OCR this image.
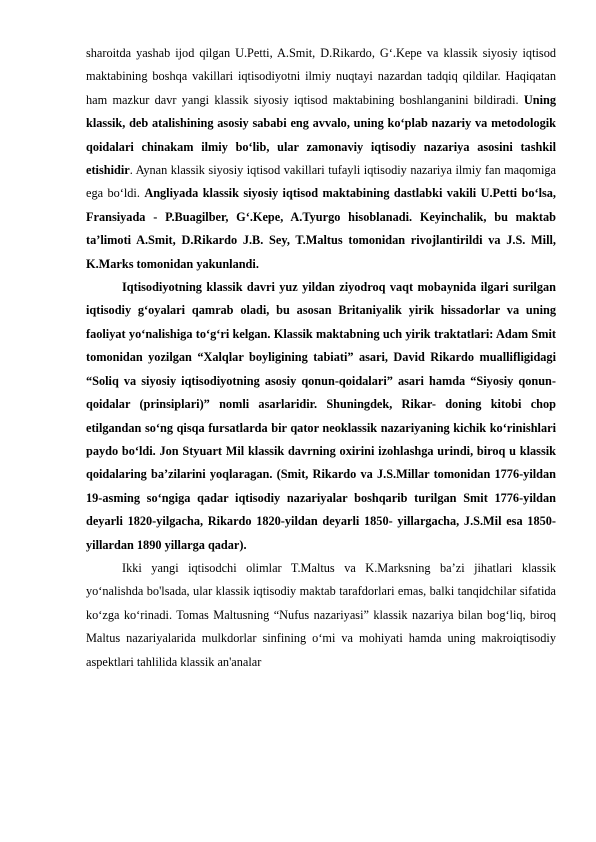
sharoitda yashab ijod qilgan U.Petti, A.Smit, D.Rikardo, G‘.Kepe va klassik siyosiy iqtisod maktabining boshqa vakillari iqtisodiyotni ilmiy nuqtayi nazardan tadqiq qildilar. Haqiqatan ham mazkur davr yangi klassik siyosiy iqtisod maktabining boshlanganini bildiradi. Uning klassik, deb atalishining asosiy sababi eng avvalo, uning ko‘plab nazariy va metodologik qoidalari chinakam ilmiy bo‘lib, ular zamonaviy iqtisodiy nazariya asosini tashkil etishidir. Aynan klassik siyosiy iqtisod vakillari tufayli iqtisodiy nazariya ilmiy fan maqomiga ega bo‘ldi. Angliyada klassik siyosiy iqtisod maktabining dastlabki vakili U.Petti bo‘lsa, Fransiyada - P.Buagilber, G‘.Kepe, A.Tyurgo hisoblanadi. Keyinchalik, bu maktab ta’limoti A.Smit, D.Rikardo J.B. Sey, T.Maltus tomonidan rivojlantirildi va J.S. Mill, K.Marks tomonidan yakunlandi.

Iqtisodiyotning klassik davri yuz yildan ziyodroq vaqt mobaynida ilgari surilgan iqtisodiy g‘oyalari qamrab oladi, bu asosan Britaniyalik yirik hissadorlar va uning faoliyat yo‘nalishiga to‘g‘ri kelgan. Klassik maktabning uch yirik traktatlari: Adam Smit tomonidan yozilgan “Xalqlar boyligining tabiati” asari, David Rikardo muallifligidagi “Soliq va siyosiy iqtisodiyotning asosiy qonun-qoidalari” asari hamda “Siyosiy qonun-qoidalar (prinsiplari)” nomli asarlaridir. Shuningdek, Rikar- doning kitobi chop etilgandan so‘ng qisqa fursatlarda bir qator neoklassik nazariyaning kichik ko‘rinishlari paydo bo‘ldi. Jon Styuart Mil klassik davrning oxirini izohlashga urindi, biroq u klassik qoidalaring ba’zilarini yoqlaragan. (Smit, Rikardo va J.S.Millar tomonidan 1776-yildan 19-asming so‘ngiga qadar iqtisodiy nazariyalar boshqarib turilgan Smit 1776-yildan deyarli 1820-yilgacha, Rikardo 1820-yildan deyarli 1850- yillargacha, J.S.Mil esa 1850-yillardan 1890 yillarga qadar).

Ikki yangi iqtisodchi olimlar T.Maltus va K.Marksning ba’zi jihatlari klassik yo‘nalishda bo'lsada, ular klassik iqtisodiy maktab tarafdorlari emas, balki tanqidchilar sifatida ko‘zga ko‘rinadi. Tomas Maltusning “Nufus nazariyasi” klassik nazariya bilan bog‘liq, biroq Maltus nazariyalarida mulkdorlar sinfining o‘mi va mohiyati hamda uning makroiqtisodiy aspektlari tahlilida klassik an'analar
